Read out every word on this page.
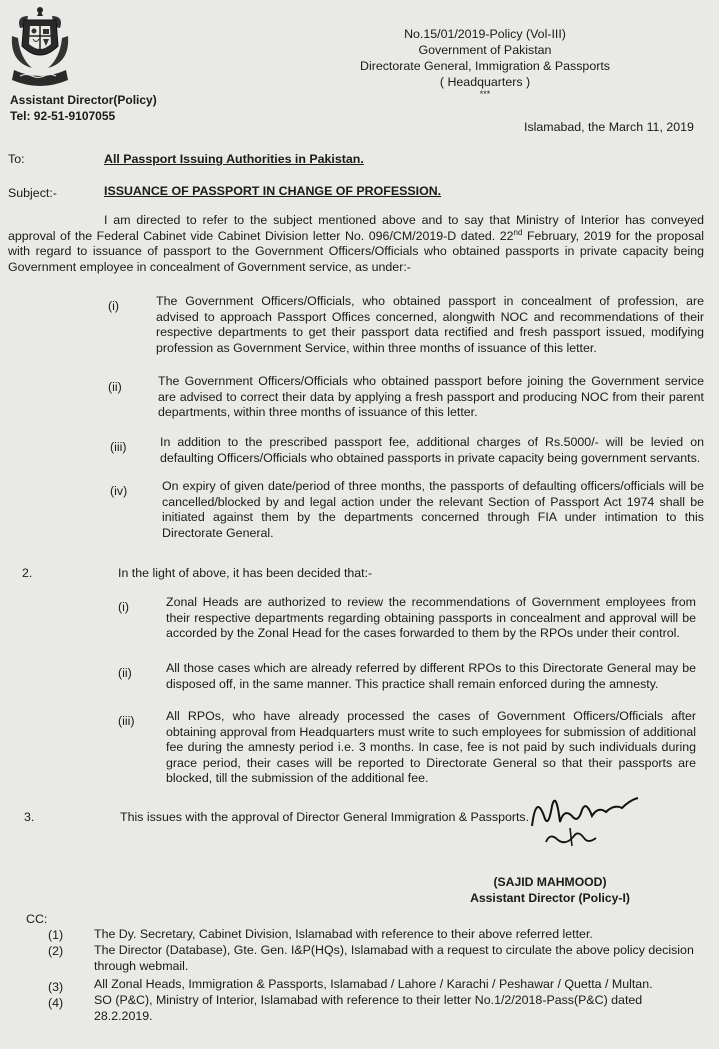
No.15/01/2019-Policy (Vol-III)
Government of Pakistan
Directorate General, Immigration & Passports
( Headquarters )
***
Assistant Director(Policy)
Tel: 92-51-9107055
Islamabad, the March 11, 2019
To:	All Passport Issuing Authorities in Pakistan.
Subject:-	ISSUANCE OF PASSPORT IN CHANGE OF PROFESSION.
I am directed to refer to the subject mentioned above and to say that Ministry of Interior has conveyed approval of the Federal Cabinet vide Cabinet Division letter No. 096/CM/2019-D dated. 22nd February, 2019 for the proposal with regard to issuance of passport to the Government Officers/Officials who obtained passports in private capacity being Government employee in concealment of Government service, as under:-
(i)	The Government Officers/Officials, who obtained passport in concealment of profession, are advised to approach Passport Offices concerned, alongwith NOC and recommendations of their respective departments to get their passport data rectified and fresh passport issued, modifying profession as Government Service, within three months of issuance of this letter.
(ii)	The Government Officers/Officials who obtained passport before joining the Government service are advised to correct their data by applying a fresh passport and producing NOC from their parent departments, within three months of issuance of this letter.
(iii)	In addition to the prescribed passport fee, additional charges of Rs.5000/- will be levied on defaulting Officers/Officials who obtained passports in private capacity being government servants.
(iv)	On expiry of given date/period of three months, the passports of defaulting officers/officials will be cancelled/blocked by and legal action under the relevant Section of Passport Act 1974 shall be initiated against them by the departments concerned through FIA under intimation to this Directorate General.
2.	In the light of above, it has been decided that:-
(i)	Zonal Heads are authorized to review the recommendations of Government employees from their respective departments regarding obtaining passports in concealment and approval will be accorded by the Zonal Head for the cases forwarded to them by the RPOs under their control.
(ii)	All those cases which are already referred by different RPOs to this Directorate General may be disposed off, in the same manner. This practice shall remain enforced during the amnesty.
(iii)	All RPOs, who have already processed the cases of Government Officers/Officials after obtaining approval from Headquarters must write to such employees for submission of additional fee during the amnesty period i.e. 3 months. In case, fee is not paid by such individuals during grace period, their cases will be reported to Directorate General so that their passports are blocked, till the submission of the additional fee.
3.	This issues with the approval of Director General Immigration & Passports.
(SAJID MAHMOOD)
Assistant Director (Policy-I)
CC:
(1) The Dy. Secretary, Cabinet Division, Islamabad with reference to their above referred letter.
(2) The Director (Database), Gte. Gen. I&P(HQs), Islamabad with a request to circulate the above policy decision through webmail.
(3) All Zonal Heads, Immigration & Passports, Islamabad / Lahore / Karachi / Peshawar / Quetta / Multan.
(4) SO (P&C), Ministry of Interior, Islamabad with reference to their letter No.1/2/2018-Pass(P&C) dated 28.2.2019.
